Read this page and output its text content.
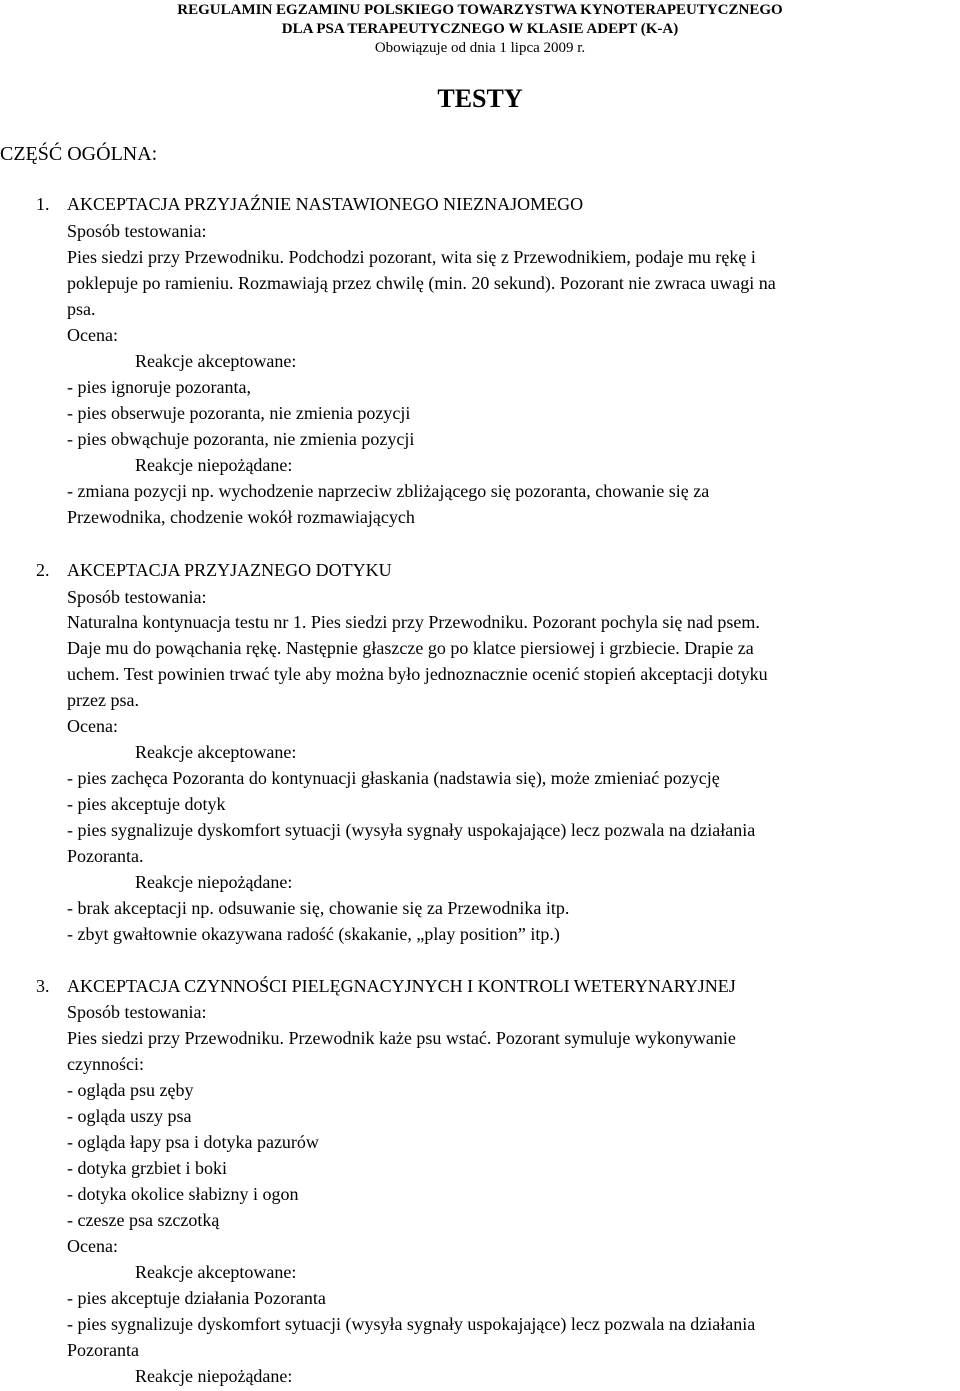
REGULAMIN EGZAMINU POLSKIEGO TOWARZYSTWA KYNOTERAPEUTYCZNEGO
DLA PSA TERAPEUTYCZNEGO W KLASIE ADEPT (K-A)
Obowiązuje od dnia 1 lipca 2009 r.
TESTY
CZĘŚĆ OGÓLNA:
1. AKCEPTACJA PRZYJAŹNIE NASTAWIONEGO NIEZNAJOMEGO
Sposób testowania:
Pies siedzi przy Przewodniku. Podchodzi pozorant, wita się z Przewodnikiem, podaje mu rękę i
poklepuje po ramieniu. Rozmawiają przez chwilę (min. 20 sekund). Pozorant nie zwraca uwagi na
psa.
Ocena:
Reakcje akceptowane:
- pies ignoruje pozoranta,
- pies obserwuje pozoranta, nie zmienia pozycji
- pies obwąchuje pozoranta, nie zmienia pozycji
Reakcje niepożądane:
- zmiana pozycji np. wychodzenie naprzeciw zbliżającego się pozoranta, chowanie się za
Przewodnika, chodzenie wokół rozmawiających
2. AKCEPTACJA PRZYJAZNEGO DOTYKU
Sposób testowania:
Naturalna kontynuacja testu nr 1. Pies siedzi przy Przewodniku. Pozorant pochyla się nad psem.
Daje mu do powąchania rękę. Następnie głaszcze go po klatce piersiowej i grzbiecie. Drapie za
uchem. Test powinien trwać tyle aby można było jednoznacznie ocenić stopień akceptacji dotyku
przez psa.
Ocena:
Reakcje akceptowane:
- pies zachęca Pozoranta do kontynuacji głaskania (nadstawia się), może zmieniać pozycję
- pies akceptuje dotyk
- pies sygnalizuje dyskomfort sytuacji (wysyła sygnały uspokajające) lecz pozwala na działania
Pozoranta.
Reakcje niepożądane:
- brak akceptacji np. odsuwanie się, chowanie się za Przewodnika itp.
- zbyt gwałtownie okazywana radość (skakanie, „play position” itp.)
3. AKCEPTACJA CZYNNOŚCI PIELĘGNACYJNYCH I KONTROLI WETERYNARYJNEJ
Sposób testowania:
Pies siedzi przy Przewodniku. Przewodnik każe psu wstać. Pozorant symuluje wykonywanie
czynności:
- ogląda psu zęby
- ogląda uszy psa
- ogląda łapy psa i dotyka pazurów
- dotyka grzbiet i boki
- dotyka okolice słabizny i ogon
- czesze psa szczotką
Ocena:
Reakcje akceptowane:
- pies akceptuje działania Pozoranta
- pies sygnalizuje dyskomfort sytuacji (wysyła sygnały uspokajające) lecz pozwala na działania
Pozoranta
Reakcje niepożądane:
